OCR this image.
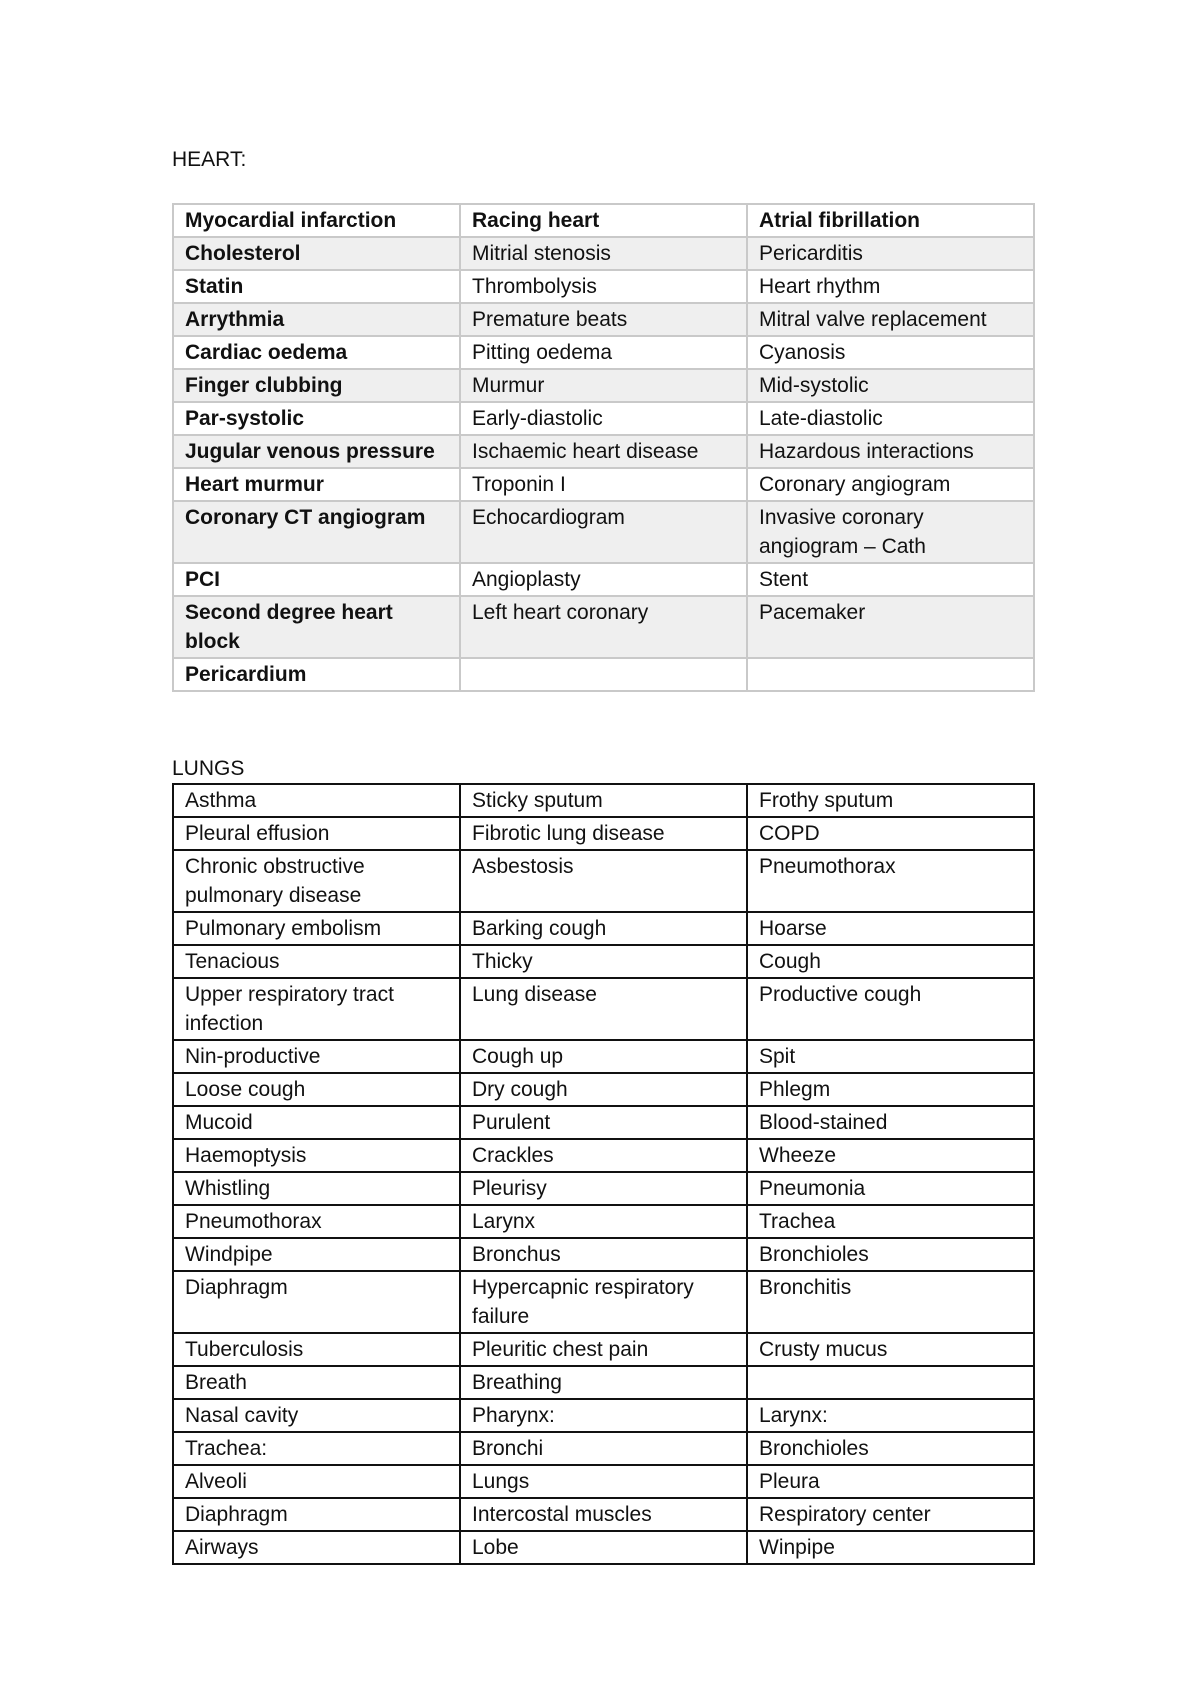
HEART:
Myocardial infarction	Racing heart	Atrial fibrillation
Cholesterol	Mitrial stenosis	Pericarditis
Statin	Thrombolysis	Heart rhythm
Arrythmia	Premature beats	Mitral valve replacement
Cardiac oedema	Pitting oedema	Cyanosis
Finger clubbing	Murmur	Mid-systolic
Par-systolic	Early-diastolic	Late-diastolic
Jugular venous pressure	Ischaemic heart disease	Hazardous interactions
Heart murmur	Troponin I	Coronary angiogram
Coronary CT angiogram	Echocardiogram	Invasive coronary angiogram – Cath
PCI	Angioplasty	Stent
Second degree heart block	Left heart coronary	Pacemaker
Pericardium		
LUNGS
Asthma	Sticky sputum	Frothy sputum
Pleural effusion	Fibrotic lung disease	COPD
Chronic obstructive pulmonary disease	Asbestosis	Pneumothorax
Pulmonary embolism	Barking cough	Hoarse
Tenacious	Thicky	Cough
Upper respiratory tract infection	Lung disease	Productive cough
Nin-productive	Cough up	Spit
Loose cough	Dry cough	Phlegm
Mucoid	Purulent	Blood-stained
Haemoptysis	Crackles	Wheeze
Whistling	Pleurisy	Pneumonia
Pneumothorax	Larynx	Trachea
Windpipe	Bronchus	Bronchioles
Diaphragm	Hypercapnic respiratory failure	Bronchitis
Tuberculosis	Pleuritic chest pain	Crusty mucus
Breath	Breathing	
Nasal cavity	Pharynx:	Larynx:
Trachea:	Bronchi	Bronchioles
Alveoli	Lungs	Pleura
Diaphragm	Intercostal muscles	Respiratory center
Airways	Lobe	Winpipe
